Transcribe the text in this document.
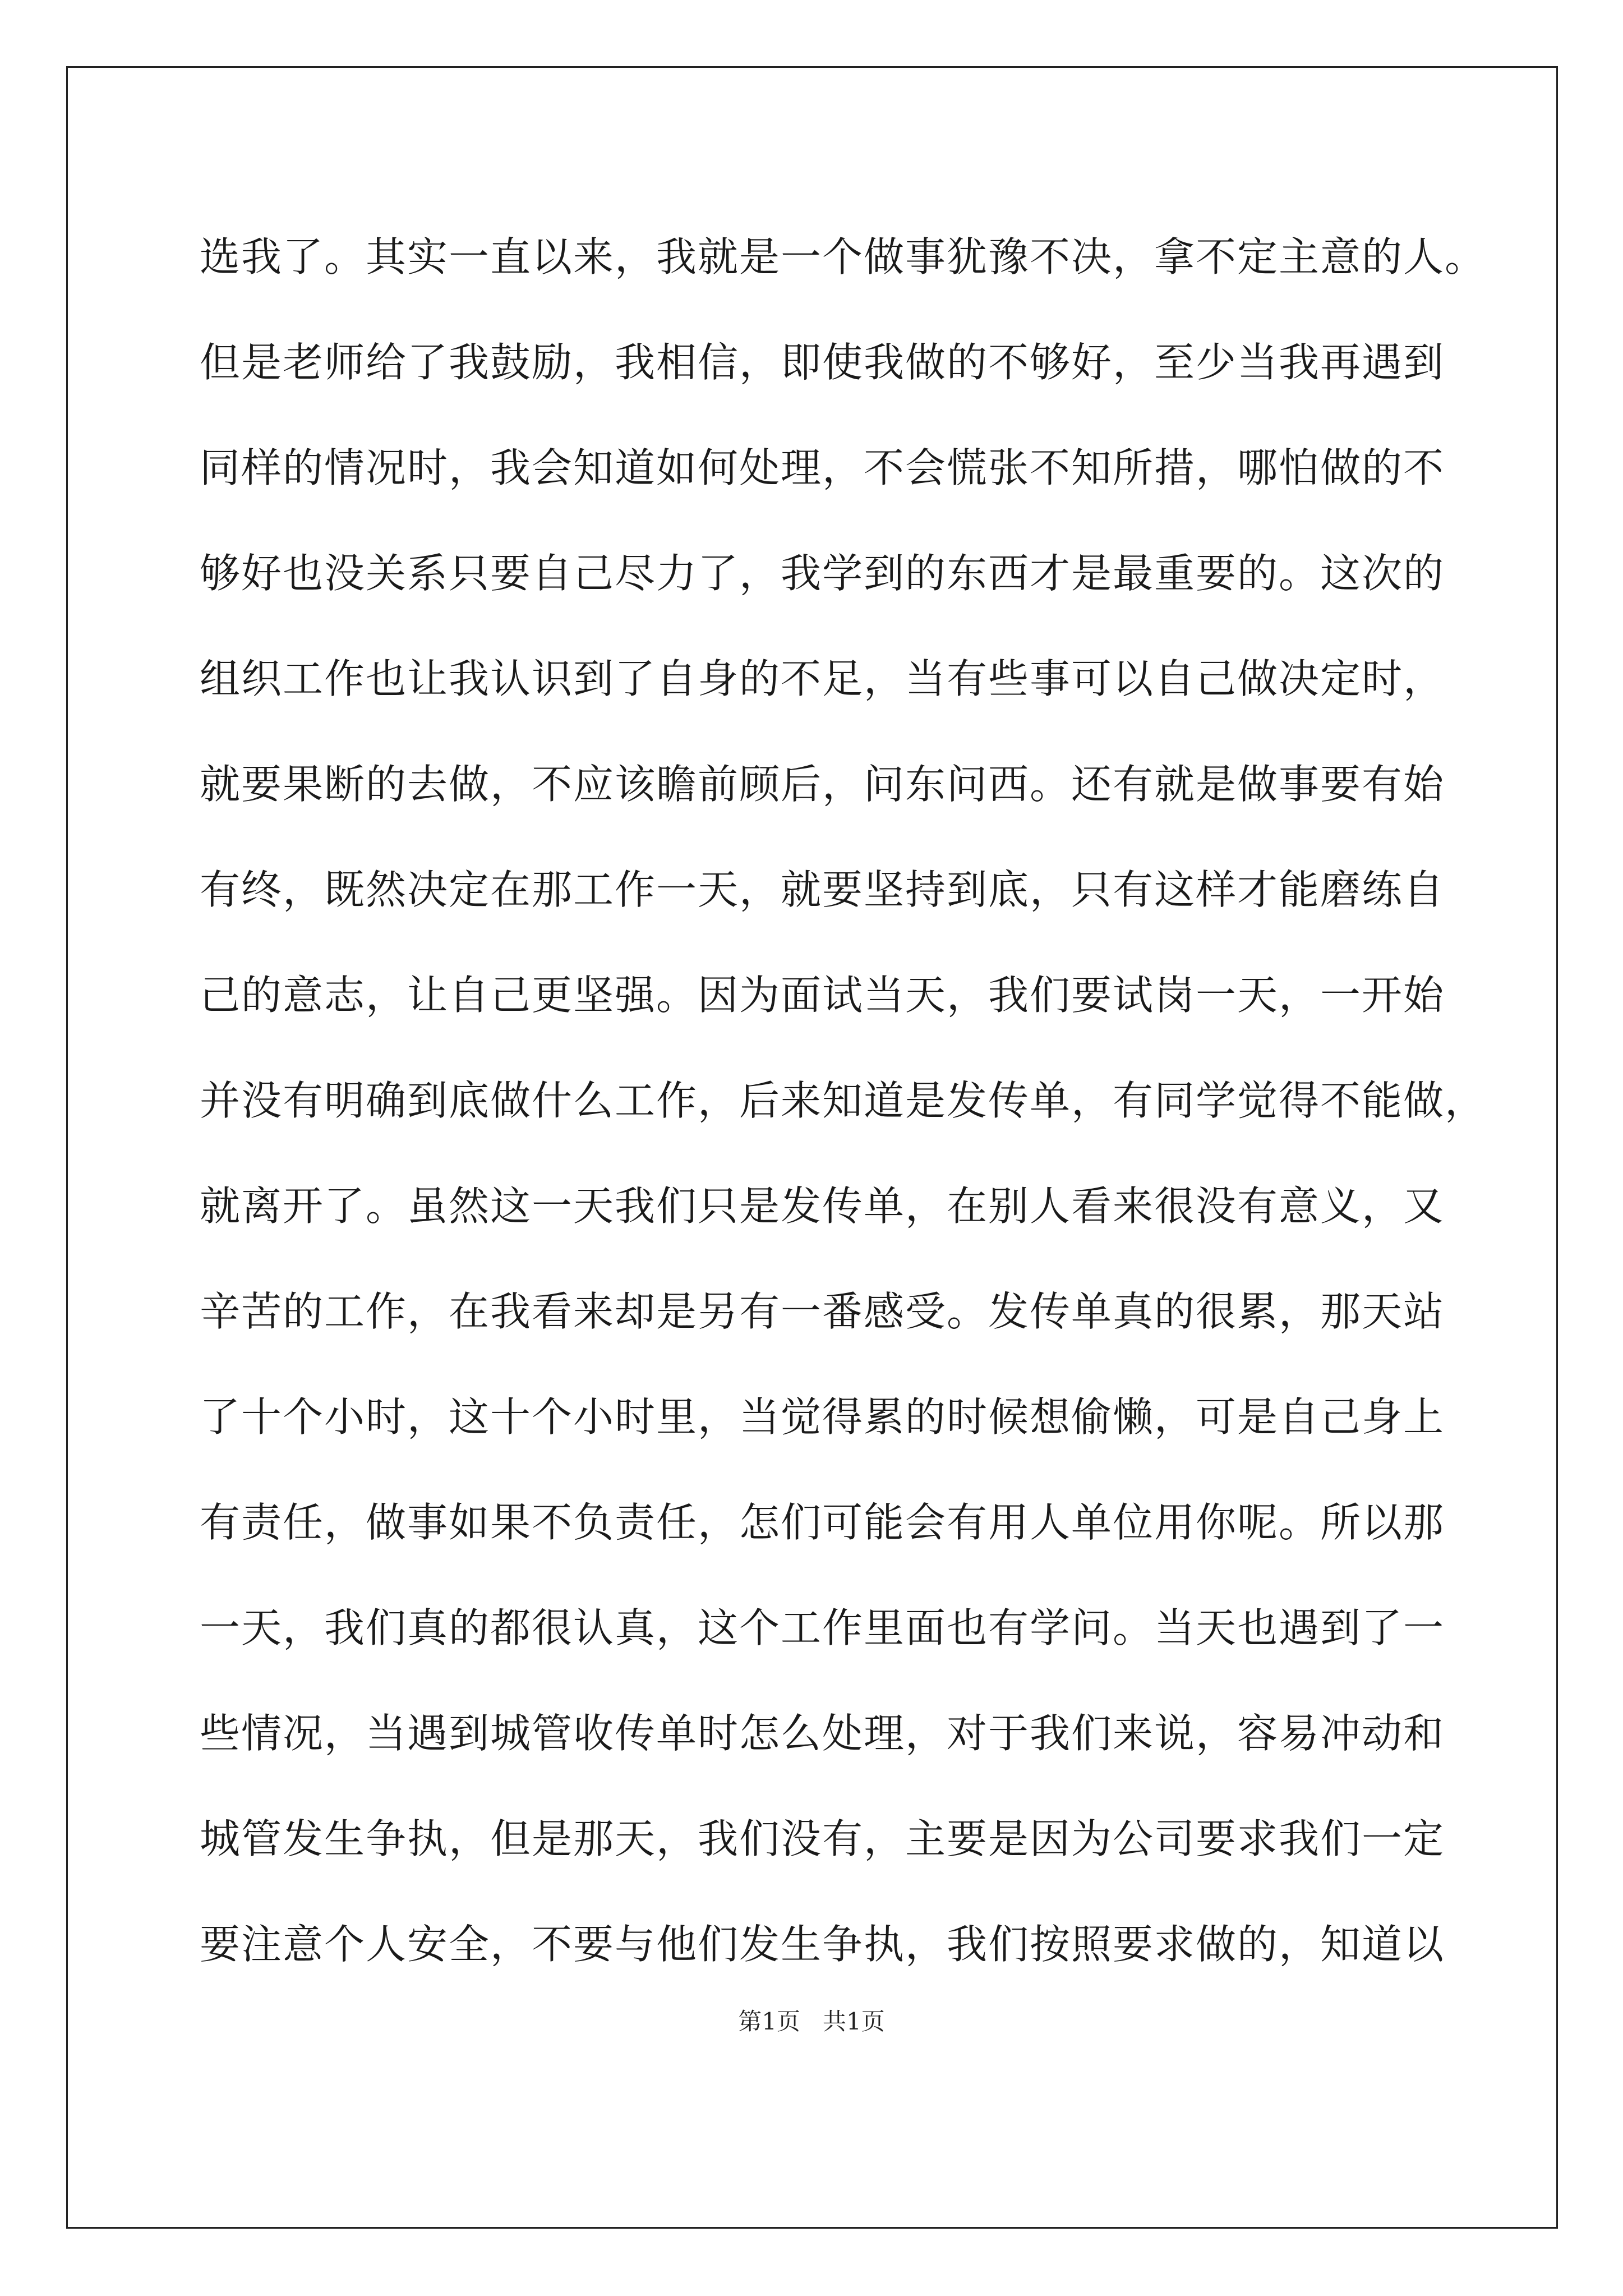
选我了。其实一直以来，我就是一个做事犹豫不决，拿不定主意的人。
但是老师给了我鼓励，我相信，即使我做的不够好，至少当我再遇到
同样的情况时，我会知道如何处理，不会慌张不知所措，哪怕做的不
够好也没关系只要自己尽力了，我学到的东西才是最重要的。这次的
组织工作也让我认识到了自身的不足，当有些事可以自己做决定时，
就要果断的去做，不应该瞻前顾后，问东问西。还有就是做事要有始
有终，既然决定在那工作一天，就要坚持到底，只有这样才能磨练自
己的意志，让自己更坚强。因为面试当天，我们要试岗一天，一开始
并没有明确到底做什么工作，后来知道是发传单，有同学觉得不能做，
就离开了。虽然这一天我们只是发传单，在别人看来很没有意义，又
辛苦的工作，在我看来却是另有一番感受。发传单真的很累，那天站
了十个小时，这十个小时里，当觉得累的时候想偷懒，可是自己身上
有责任，做事如果不负责任，怎们可能会有用人单位用你呢。所以那
一天，我们真的都很认真，这个工作里面也有学问。当天也遇到了一
些情况，当遇到城管收传单时怎么处理，对于我们来说，容易冲动和
城管发生争执，但是那天，我们没有，主要是因为公司要求我们一定
要注意个人安全，不要与他们发生争执，我们按照要求做的，知道以
第1页   共1页
